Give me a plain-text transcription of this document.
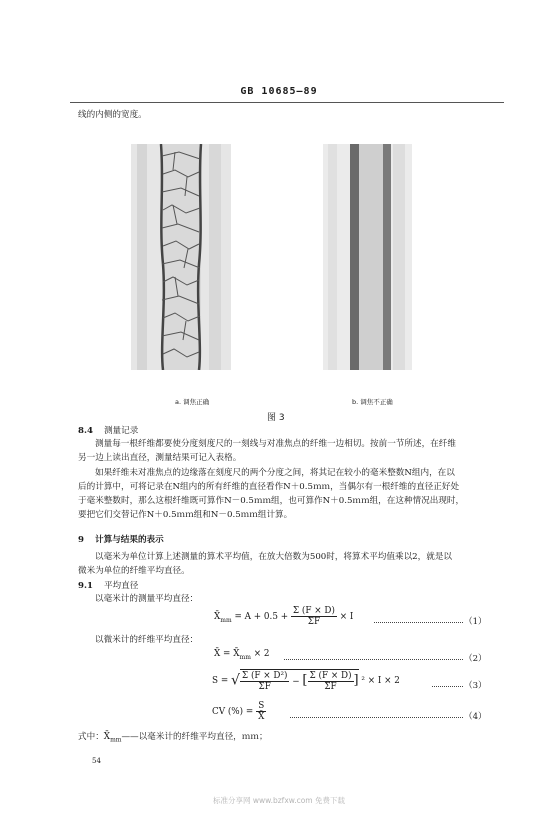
GB 10685—89
线的内侧的宽度。
a. 调焦正确	b. 调焦不正确
图 3
8.4 测量记录
测量每一根纤维都要使分度刻度尺的一刻线与对准焦点的纤维一边相切。按前一节所述，在纤维
另一边上读出直径，测量结果可记入表格。
如果纤维未对准焦点的边缘落在刻度尺的两个分度之间，将其记在较小的毫米整数N组内，在以
后的计算中，可将记录在N组内的所有纤维的直径看作N＋0.5ｍｍ，当偶尔有一根纤维的直径正好处
于毫米整数时，那么这根纤维既可算作N－0.5ｍｍ组，也可算作N＋0.5ｍｍ组，在这种情况出现时，
要把它们交替记作N＋0.5ｍｍ组和N－0.5ｍｍ组计算。
9 计算与结果的表示
以毫米为单位计算上述测量的算术平均值，在放大倍数为500时，将算术平均值乘以2，就是以
微米为单位的纤维平均直径。
9.1 平均直径
以毫米计的测量平均直径：
$X̄_{mm} = A + 0.5 + \frac{\Sigma (F \times D)}{\Sigma F} \times I$	（1）
以微米计的纤维平均直径：
X̄ = $X̄_{mm} \times 2$	（2）
S = √ $\frac{\text{Σ (F × D²)}}{\Sigma F}$ − [ $\frac{\Sigma (F \times D)}{\Sigma F}$ ] ² × I × 2	（3）
CV (%) = $\frac{S}{X̄}$	（4）
式中：$X̄_{mm}——$以毫米计的纤维平均直径，ｍｍ；
54
标准分享网 www.bzfxw.com 免费下载
